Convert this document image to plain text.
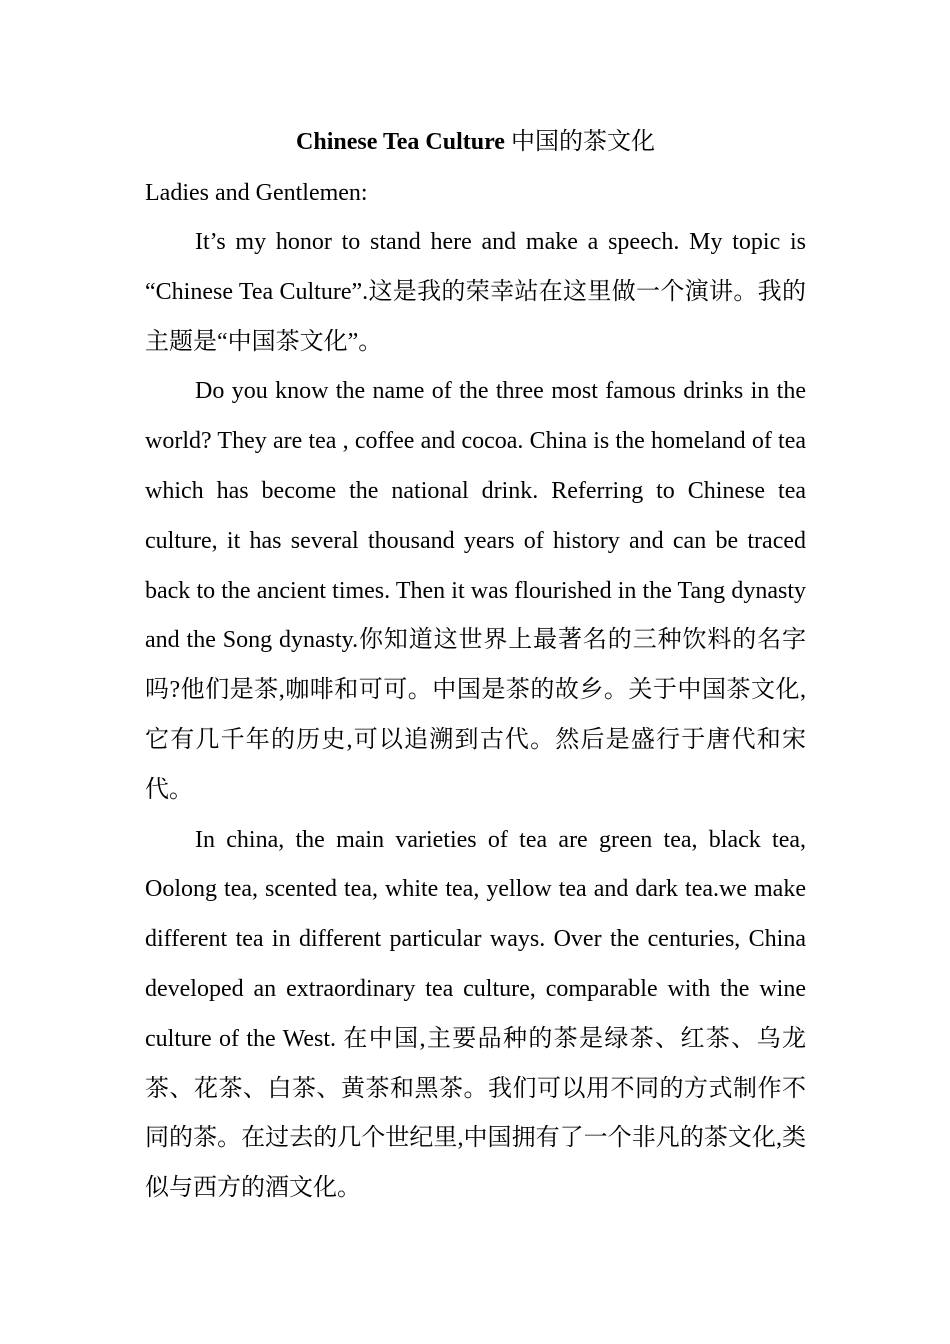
Chinese Tea Culture 中国的茶文化

Ladies and Gentlemen:

It’s my honor to stand here and make a speech. My topic is “Chinese Tea Culture”.这是我的荣幸站在这里做一个演讲。我的主题是“中国茶文化”。

Do you know the name of the three most famous drinks in the world? They are tea , coffee and cocoa. China is the homeland of tea which has become the national drink. Referring to Chinese tea culture, it has several thousand years of history and can be traced back to the ancient times. Then it was flourished in the Tang dynasty and the Song dynasty.你知道这世界上最著名的三种饮料的名字吗?他们是茶,咖啡和可可。中国是茶的故乡。关于中国茶文化,它有几千年的历史,可以追溯到古代。然后是盛行于唐代和宋代。

In china, the main varieties of tea are green tea, black tea, Oolong tea, scented tea, white tea, yellow tea and dark tea.we make different tea in different particular ways. Over the centuries, China developed an extraordinary tea culture, comparable with the wine culture of the West. 在中国,主要品种的茶是绿茶、红茶、乌龙茶、花茶、白茶、黄茶和黑茶。我们可以用不同的方式制作不同的茶。在过去的几个世纪里,中国拥有了一个非凡的茶文化,类似与西方的酒文化。
